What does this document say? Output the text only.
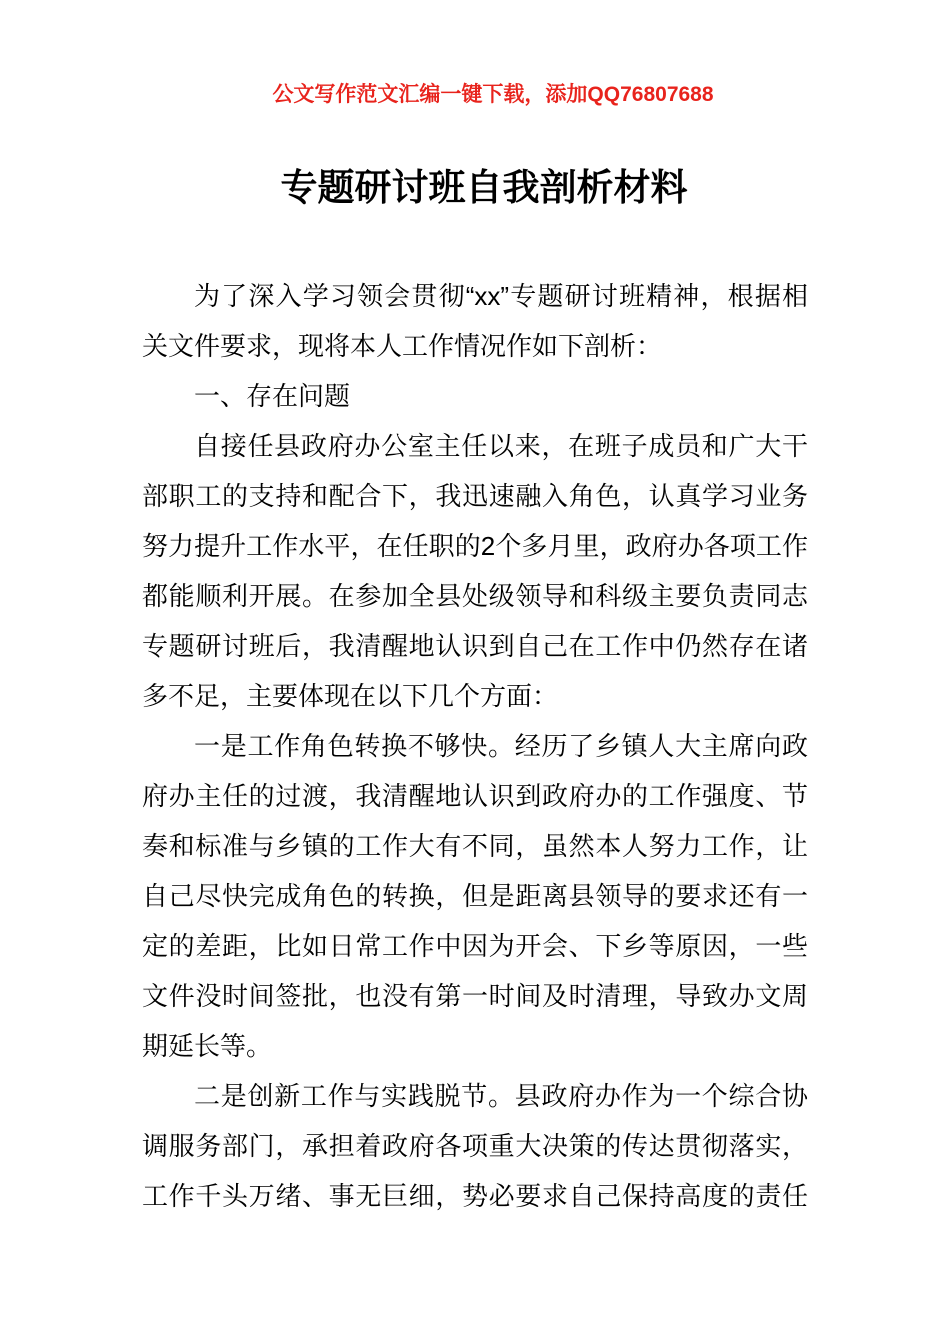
公文写作范文汇编一键下载，添加QQ76807688
专题研讨班自我剖析材料
为了深入学习领会贯彻“xx”专题研讨班精神，根据相
关文件要求，现将本人工作情况作如下剖析：
一、存在问题
自接任县政府办公室主任以来，在班子成员和广大干
部职工的支持和配合下，我迅速融入角色，认真学习业务
努力提升工作水平，在任职的2个多月里，政府办各项工作
都能顺利开展。在参加全县处级领导和科级主要负责同志
专题研讨班后，我清醒地认识到自己在工作中仍然存在诸
多不足，主要体现在以下几个方面：
一是工作角色转换不够快。经历了乡镇人大主席向政
府办主任的过渡，我清醒地认识到政府办的工作强度、节
奏和标准与乡镇的工作大有不同，虽然本人努力工作，让
自己尽快完成角色的转换，但是距离县领导的要求还有一
定的差距，比如日常工作中因为开会、下乡等原因，一些
文件没时间签批，也没有第一时间及时清理，导致办文周
期延长等。
二是创新工作与实践脱节。县政府办作为一个综合协
调服务部门，承担着政府各项重大决策的传达贯彻落实，
工作千头万绪、事无巨细，势必要求自己保持高度的责任
